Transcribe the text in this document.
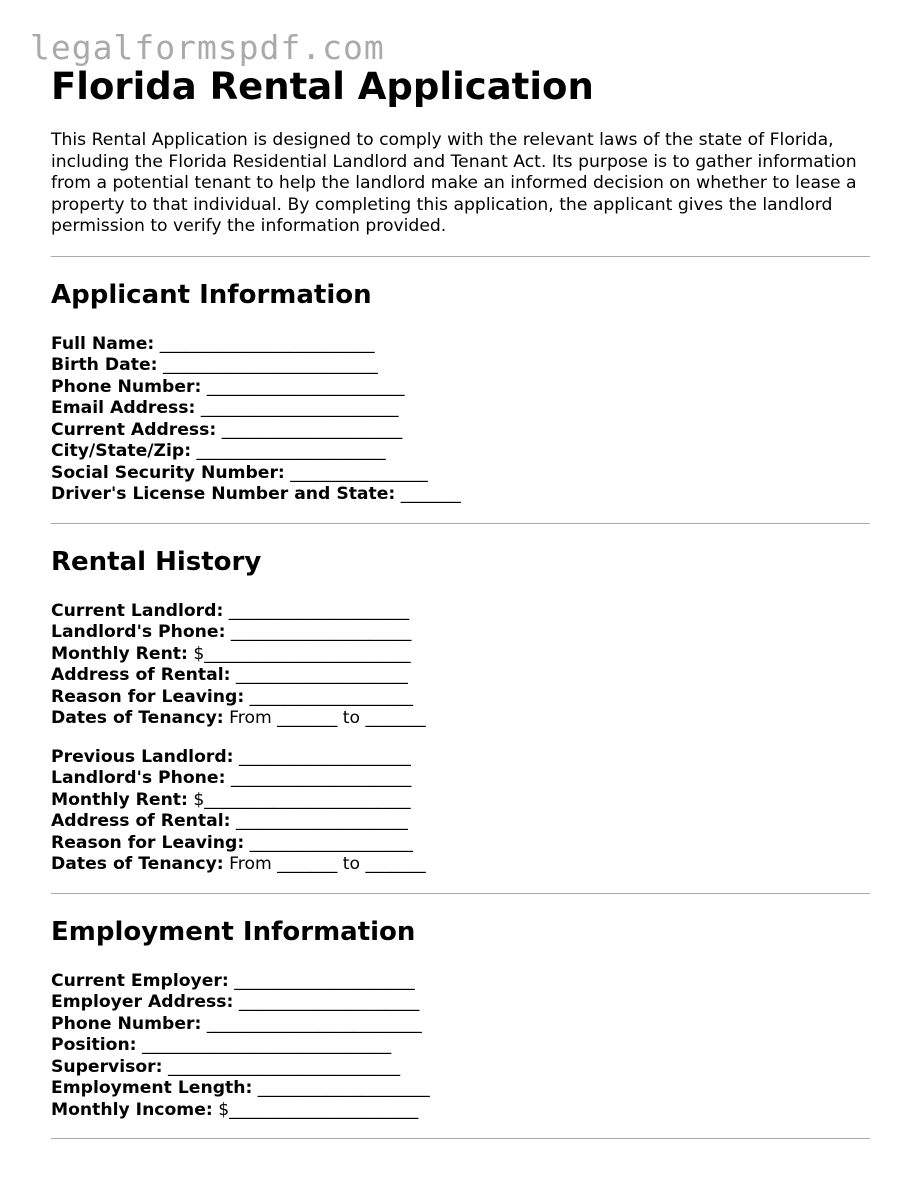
legalformspdf.com
Florida Rental Application

This Rental Application is designed to comply with the relevant laws of the state of Florida, including the Florida Residential Landlord and Tenant Act. Its purpose is to gather information from a potential tenant to help the landlord make an informed decision on whether to lease a property to that individual. By completing this application, the applicant gives the landlord permission to verify the information provided.

Applicant Information
Full Name: _________________________
Birth Date: _________________________
Phone Number: _______________________
Email Address: _______________________
Current Address: _____________________
City/State/Zip: ______________________
Social Security Number: ________________
Driver's License Number and State: _______
Rental History
Current Landlord: _____________________
Landlord's Phone: _____________________
Monthly Rent: $________________________
Address of Rental: ____________________
Reason for Leaving: ___________________
Dates of Tenancy: From _______ to _______
Previous Landlord: ____________________
Landlord's Phone: _____________________
Monthly Rent: $________________________
Address of Rental: ____________________
Reason for Leaving: ___________________
Dates of Tenancy: From _______ to _______
Employment Information
Current Employer: _____________________
Employer Address: _____________________
Phone Number: _________________________
Position: _____________________________
Supervisor: ___________________________
Employment Length: ____________________
Monthly Income: $______________________
